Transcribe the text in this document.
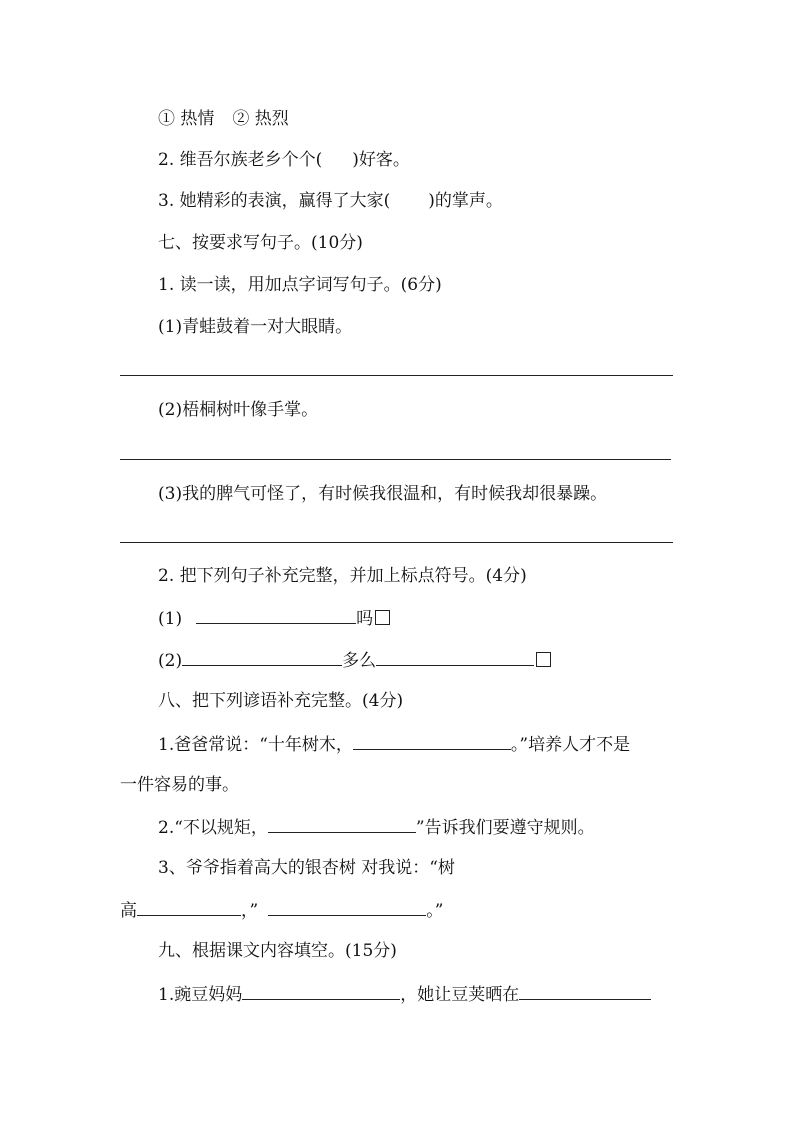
① 热情 ② 热烈
2. 维吾尔族老乡个个( )好客。
3. 她精彩的表演，赢得了大家( )的掌声。
七、按要求写句子。(10分)
1. 读一读，用加点字词写句子。(6分)
(1)青蛙鼓着一对大眼睛。
(2)梧桐树叶像手掌。
(3)我的脾气可怪了，有时候我很温和，有时候我却很暴躁。
2. 把下列句子补充完整，并加上标点符号。(4分)
(1)	吗
(2)	多么
八、把下列谚语补充完整。(4分)
1.爸爸常说：“十年树木，	。”培养人才不是
一件容易的事。
2.“不以规矩，	”告诉我们要遵守规则。
3、爷爷指着高大的银杏树 对我说：“树
高	，”	。”
九、根据课文内容填空。(15分)
1.豌豆妈妈	，她让豆荚晒在
